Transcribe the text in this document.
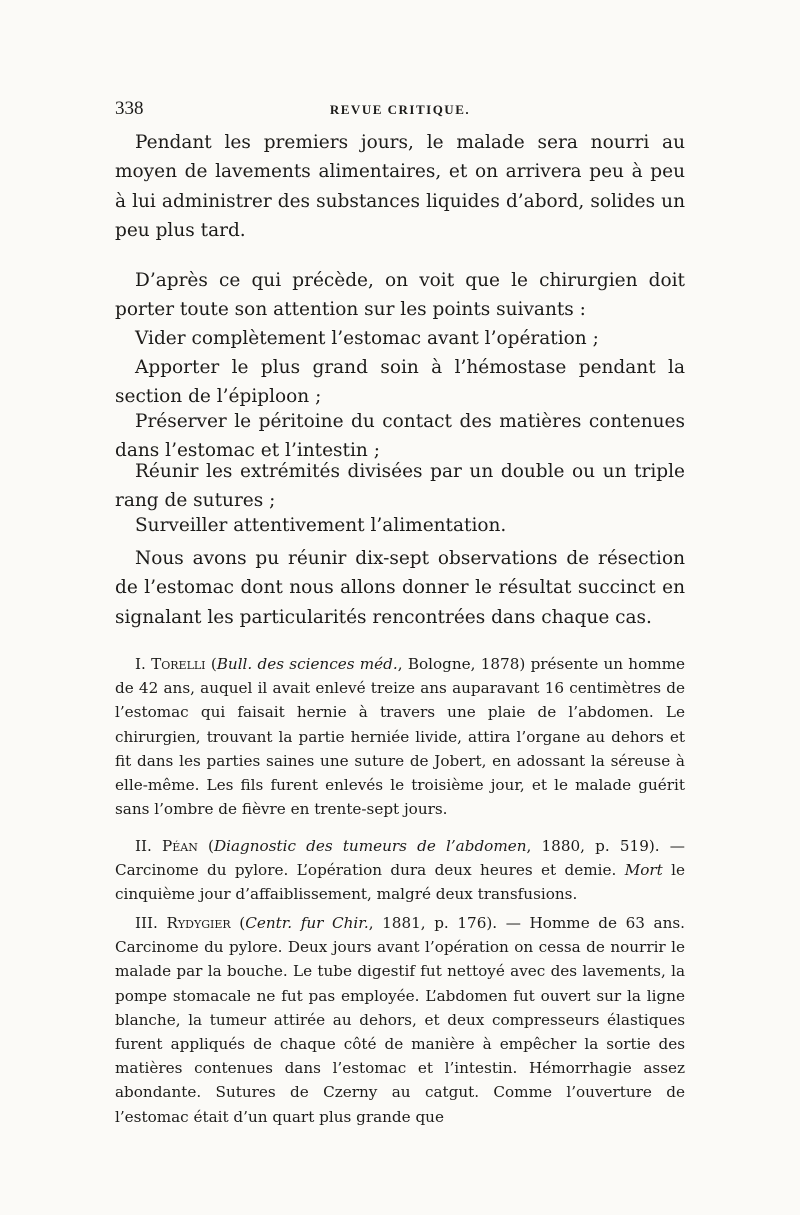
338	REVUE CRITIQUE.

Pendant les premiers jours, le malade sera nourri au moyen de lavements alimentaires, et on arrivera peu à peu à lui administrer des substances liquides d’abord, solides un peu plus tard.

D’après ce qui précède, on voit que le chirurgien doit porter toute son attention sur les points suivants :

Vider complètement l’estomac avant l’opération ;

Apporter le plus grand soin à l’hémostase pendant la section de l’épiploon ;

Préserver le péritoine du contact des matières contenues dans l’estomac et l’intestin ;

Réunir les extrémités divisées par un double ou un triple rang de sutures ;

Surveiller attentivement l’alimentation.

Nous avons pu réunir dix-sept observations de résection de l’estomac dont nous allons donner le résultat succinct en signalant les particularités rencontrées dans chaque cas.

I. Torelli (Bull. des sciences méd., Bologne, 1878) présente un homme de 42 ans, auquel il avait enlevé treize ans auparavant 16 centimètres de l’estomac qui faisait hernie à travers une plaie de l’abdomen. Le chirurgien, trouvant la partie herniée livide, attira l’organe au dehors et fit dans les parties saines une suture de Jobert, en adossant la séreuse à elle-même. Les fils furent enlevés le troisième jour, et le malade guérit sans l’ombre de fièvre en trente-sept jours.

II. Péan (Diagnostic des tumeurs de l’abdomen, 1880, p. 519). — Carcinome du pylore. L’opération dura deux heures et demie. Mort le cinquième jour d’affaiblissement, malgré deux transfusions.

III. Rydygier (Centr. fur Chir., 1881, p. 176). — Homme de 63 ans. Carcinome du pylore. Deux jours avant l’opération on cessa de nourrir le malade par la bouche. Le tube digestif fut nettoyé avec des lavements, la pompe stomacale ne fut pas employée. L’abdomen fut ouvert sur la ligne blanche, la tumeur attirée au dehors, et deux compresseurs élastiques furent appliqués de chaque côté de manière à empêcher la sortie des matières contenues dans l’estomac et l’intestin. Hémorrhagie assez abondante. Sutures de Czerny au catgut. Comme l’ouverture de l’estomac était d’un quart plus grande que
